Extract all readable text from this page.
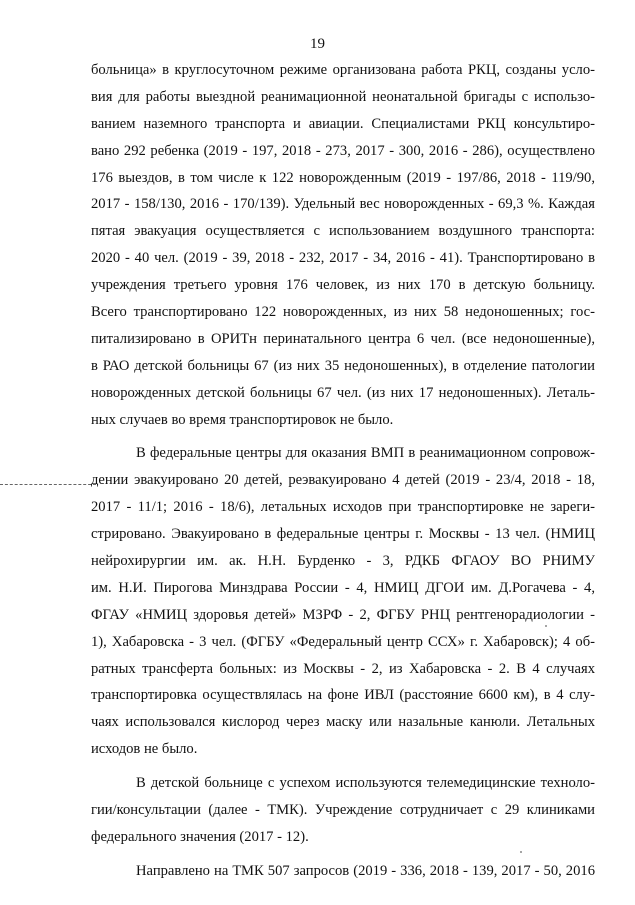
19
больница» в круглосуточном режиме организована работа РКЦ, созданы усло-
вия для работы выездной реанимационной неонатальной бригады с использо-
ванием наземного транспорта и авиации. Специалистами РКЦ консультиро-
вано 292 ребенка (2019 - 197, 2018 - 273, 2017 - 300, 2016 - 286), осуществлено
176 выездов, в том числе к 122 новорожденным (2019 - 197/86, 2018 - 119/90,
2017 - 158/130, 2016 - 170/139). Удельный вес новорожденных - 69,3 %. Каждая
пятая эвакуация осуществляется с использованием воздушного транспорта:
2020 - 40 чел. (2019 - 39, 2018 - 232, 2017 - 34, 2016 - 41). Транспортировано в
учреждения третьего уровня 176 человек, из них 170 в детскую больницу.
Всего транспортировано 122 новорожденных, из них 58 недоношенных; гос-
питализировано в ОРИТн перинатального центра 6 чел. (все недоношенные),
в РАО детской больницы 67 (из них 35 недоношенных), в отделение патологии
новорожденных детской больницы 67 чел. (из них 17 недоношенных). Леталь-
ных случаев во время транспортировок не было.
В федеральные центры для оказания ВМП в реанимационном сопровож-
дении эвакуировано 20 детей, реэвакуировано 4 детей (2019 - 23/4, 2018 - 18,
2017 - 11/1; 2016 - 18/6), летальных исходов при транспортировке не зареги-
стрировано. Эвакуировано в федеральные центры г. Москвы - 13 чел. (НМИЦ
нейрохирургии им. ак. Н.Н. Бурденко - 3, РДКБ ФГАОУ ВО РНИМУ
им. Н.И. Пирогова Минздрава России - 4, НМИЦ ДГОИ им. Д.Рогачева - 4,
ФГАУ «НМИЦ здоровья детей» МЗРФ - 2, ФГБУ РНЦ рентгенорадиологии -
1), Хабаровска - 3 чел. (ФГБУ «Федеральный центр ССХ» г. Хабаровск); 4 об-
ратных трансферта больных: из Москвы - 2, из Хабаровска - 2. В 4 случаях
транспортировка осуществлялась на фоне ИВЛ (расстояние 6600 км), в 4 слу-
чаях использовался кислород через маску или назальные канюли. Летальных
исходов не было.
В детской больнице с успехом используются телемедицинские техноло-
гии/консультации (далее - ТМК). Учреждение сотрудничает с 29 клиниками
федерального значения (2017 - 12).
Направлено на ТМК 507 запросов (2019 - 336, 2018 - 139, 2017 - 50, 2016
